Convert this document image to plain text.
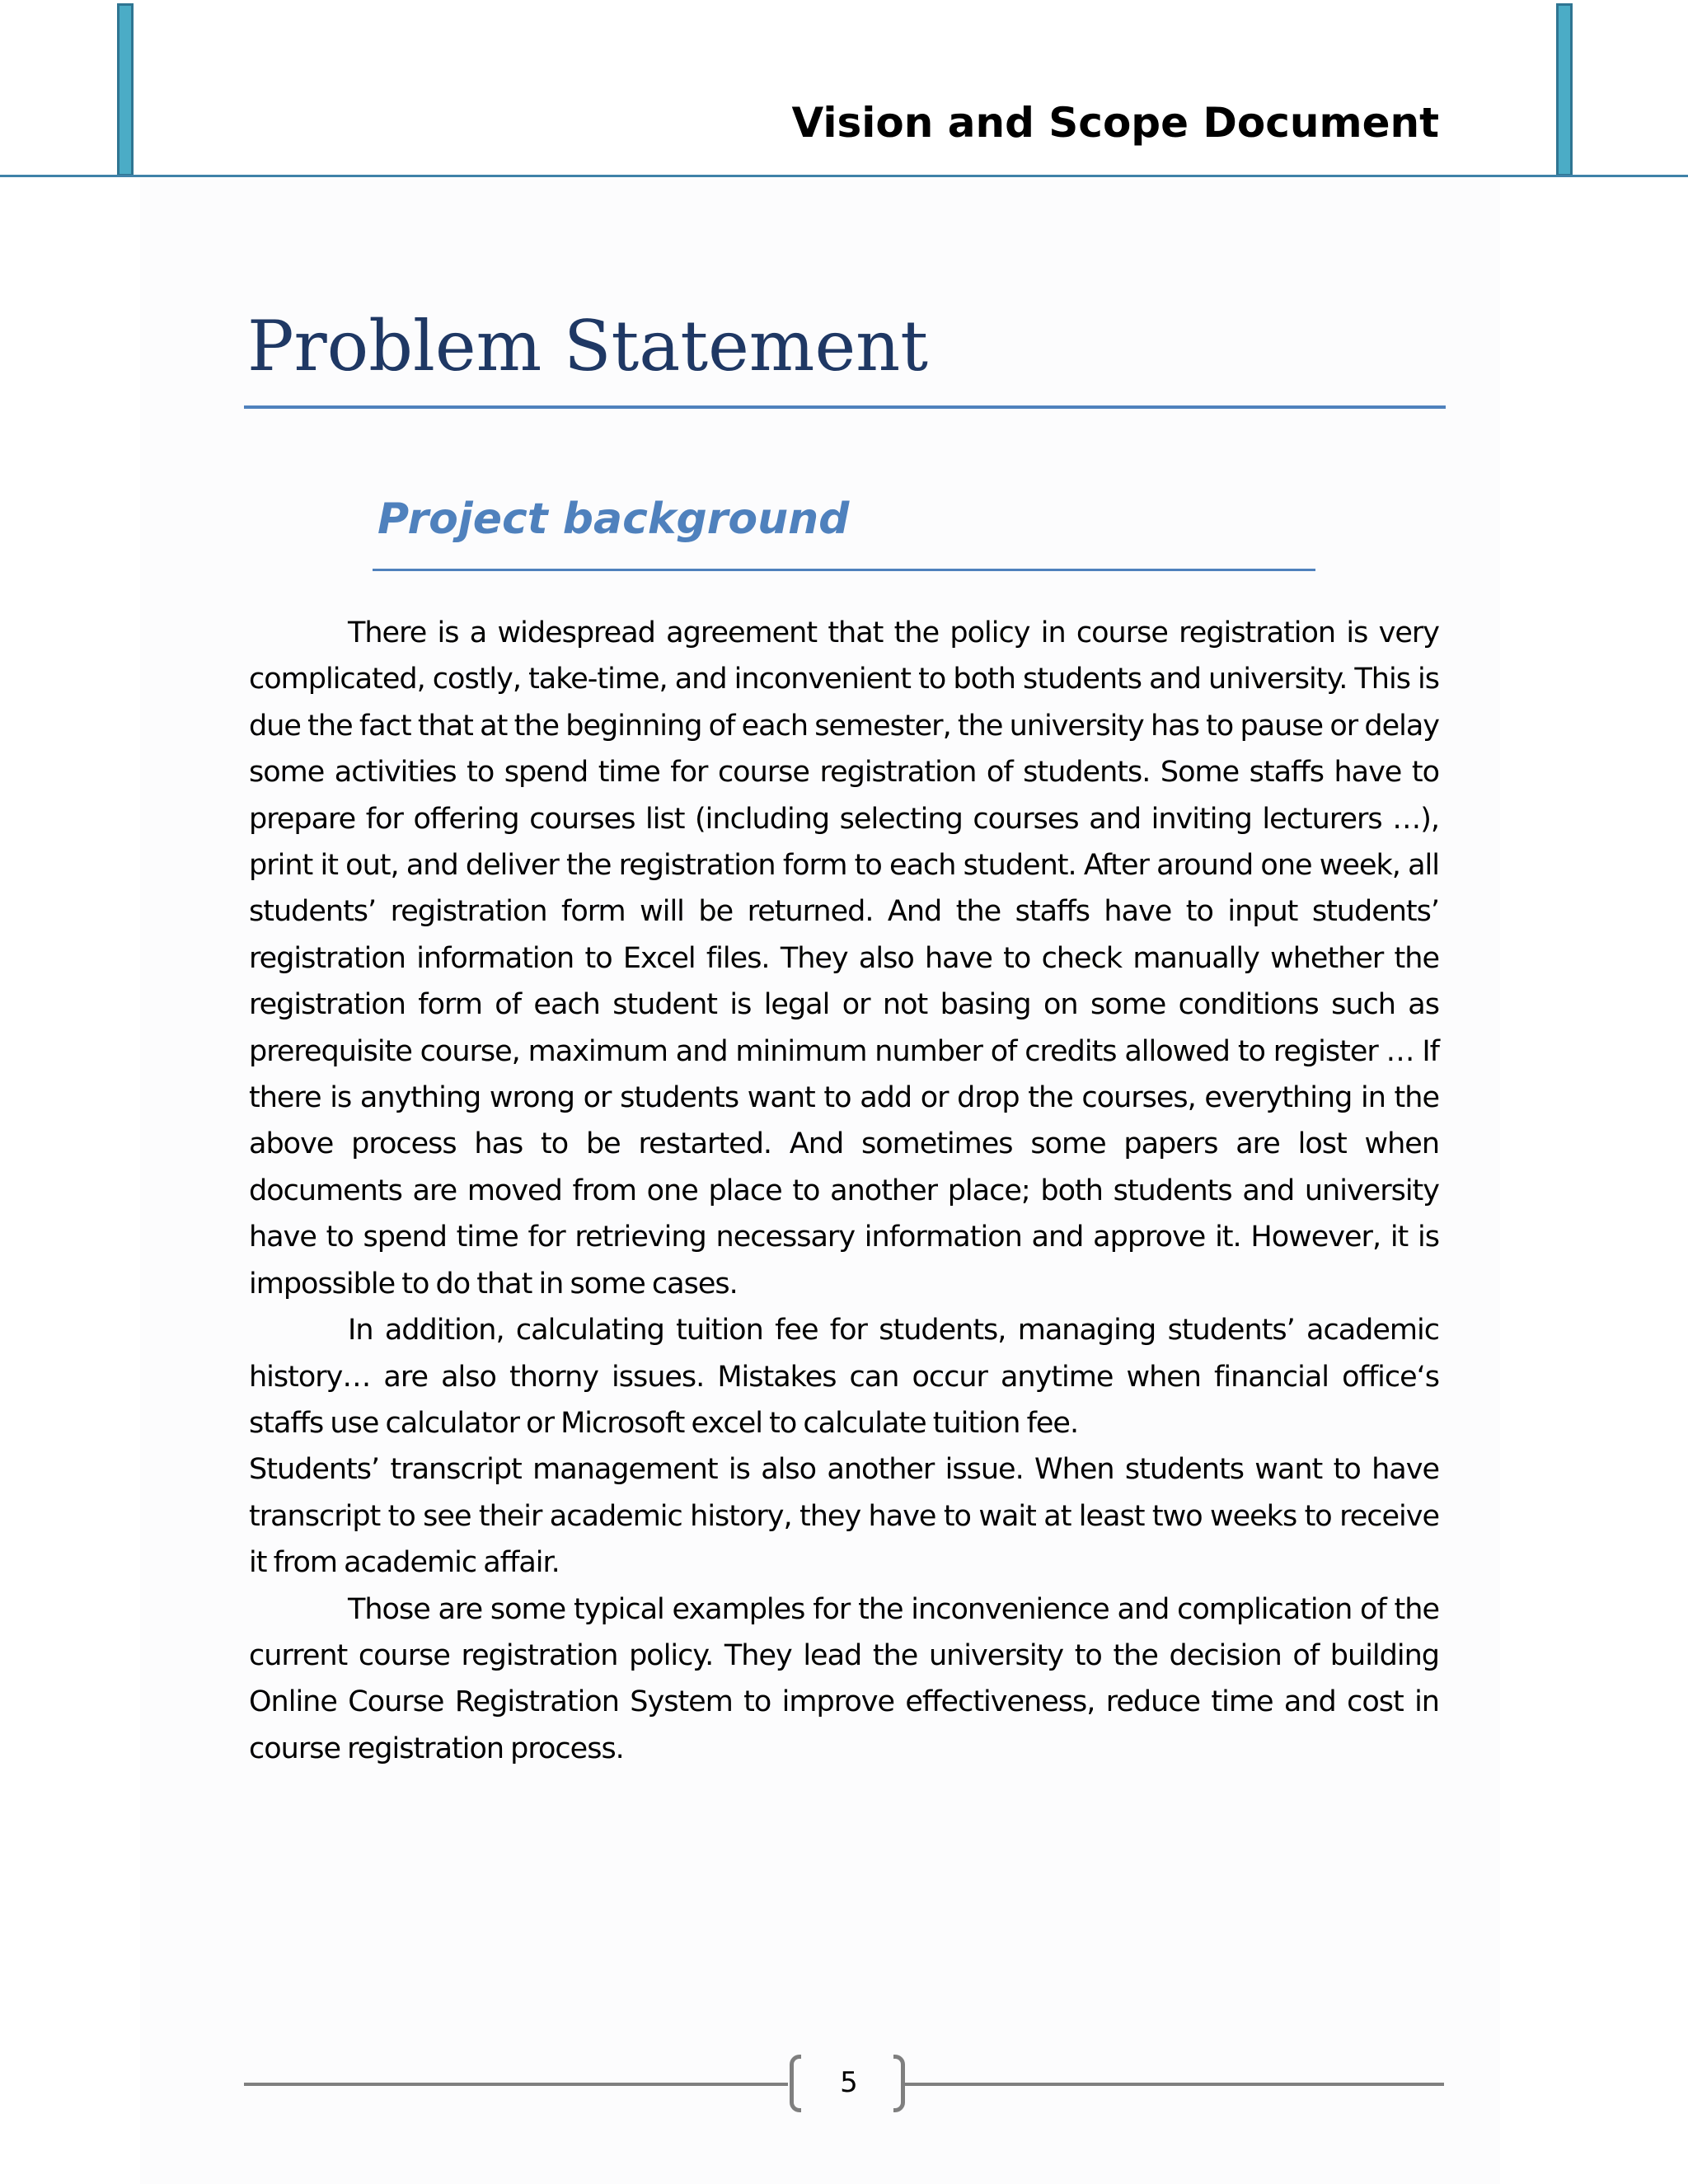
Vision and Scope Document
Problem Statement
Project background

There is a widespread agreement that the policy in course registration is very complicated, costly, take-time, and inconvenient to both students and university. This is due the fact that at the beginning of each semester, the university has to pause or delay some activities to spend time for course registration of students. Some staffs have to prepare for offering courses list (including selecting courses and inviting lecturers …), print it out, and deliver the registration form to each student. After around one week, all students’ registration form will be returned. And the staffs have to input students’ registration information to Excel files. They also have to check manually whether the registration form of each student is legal or not basing on some conditions such as prerequisite course, maximum and minimum number of credits allowed to register … If there is anything wrong or students want to add or drop the courses, everything in the above process has to be restarted. And sometimes some papers are lost when documents are moved from one place to another place; both students and university have to spend time for retrieving necessary information and approve it. However, it is impossible to do that in some cases.

In addition, calculating tuition fee for students, managing students’ academic history… are also thorny issues. Mistakes can occur anytime when financial office‘s staffs use calculator or Microsoft excel to calculate tuition fee.

Students’ transcript management is also another issue. When students want to have transcript to see their academic history, they have to wait at least two weeks to receive it from academic affair.

Those are some typical examples for the inconvenience and complication of the current course registration policy. They lead the university to the decision of building Online Course Registration System to improve effectiveness, reduce time and cost in course registration process.

5
